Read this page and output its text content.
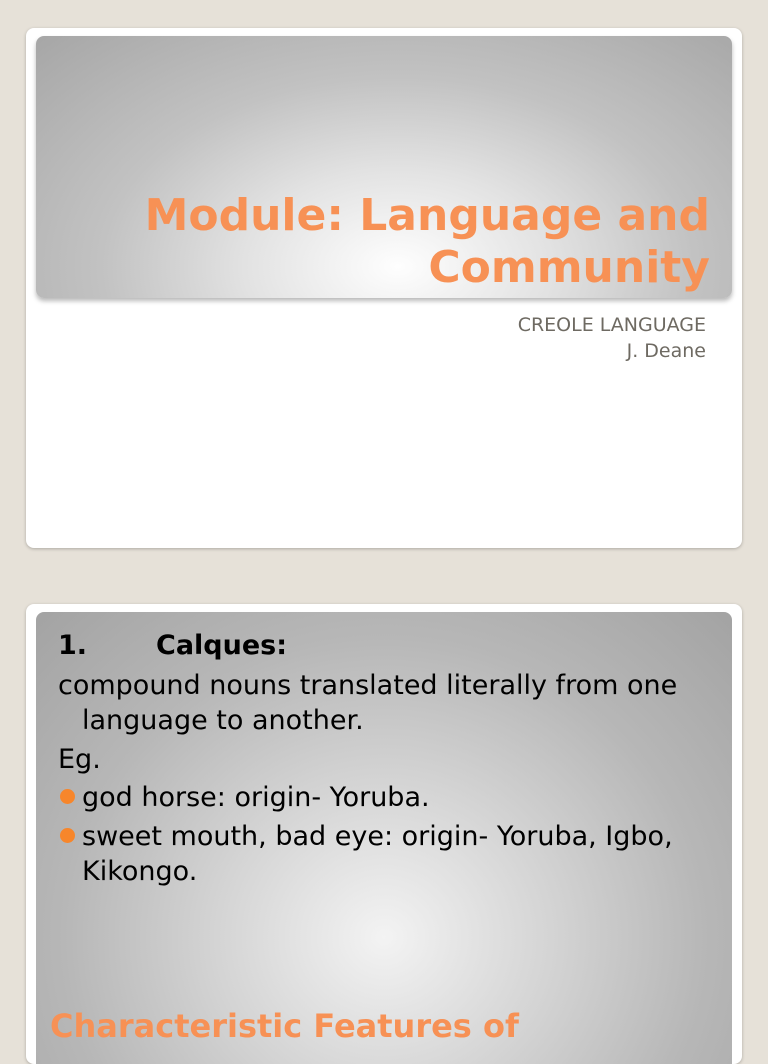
Module: Language and
Community
CREOLE LANGUAGE
J. Deane
1.	Calques:
compound nouns translated literally from one language to another.
Eg.
god horse: origin- Yoruba.
sweet mouth, bad eye: origin- Yoruba, Igbo, Kikongo.
Characteristic Features of
